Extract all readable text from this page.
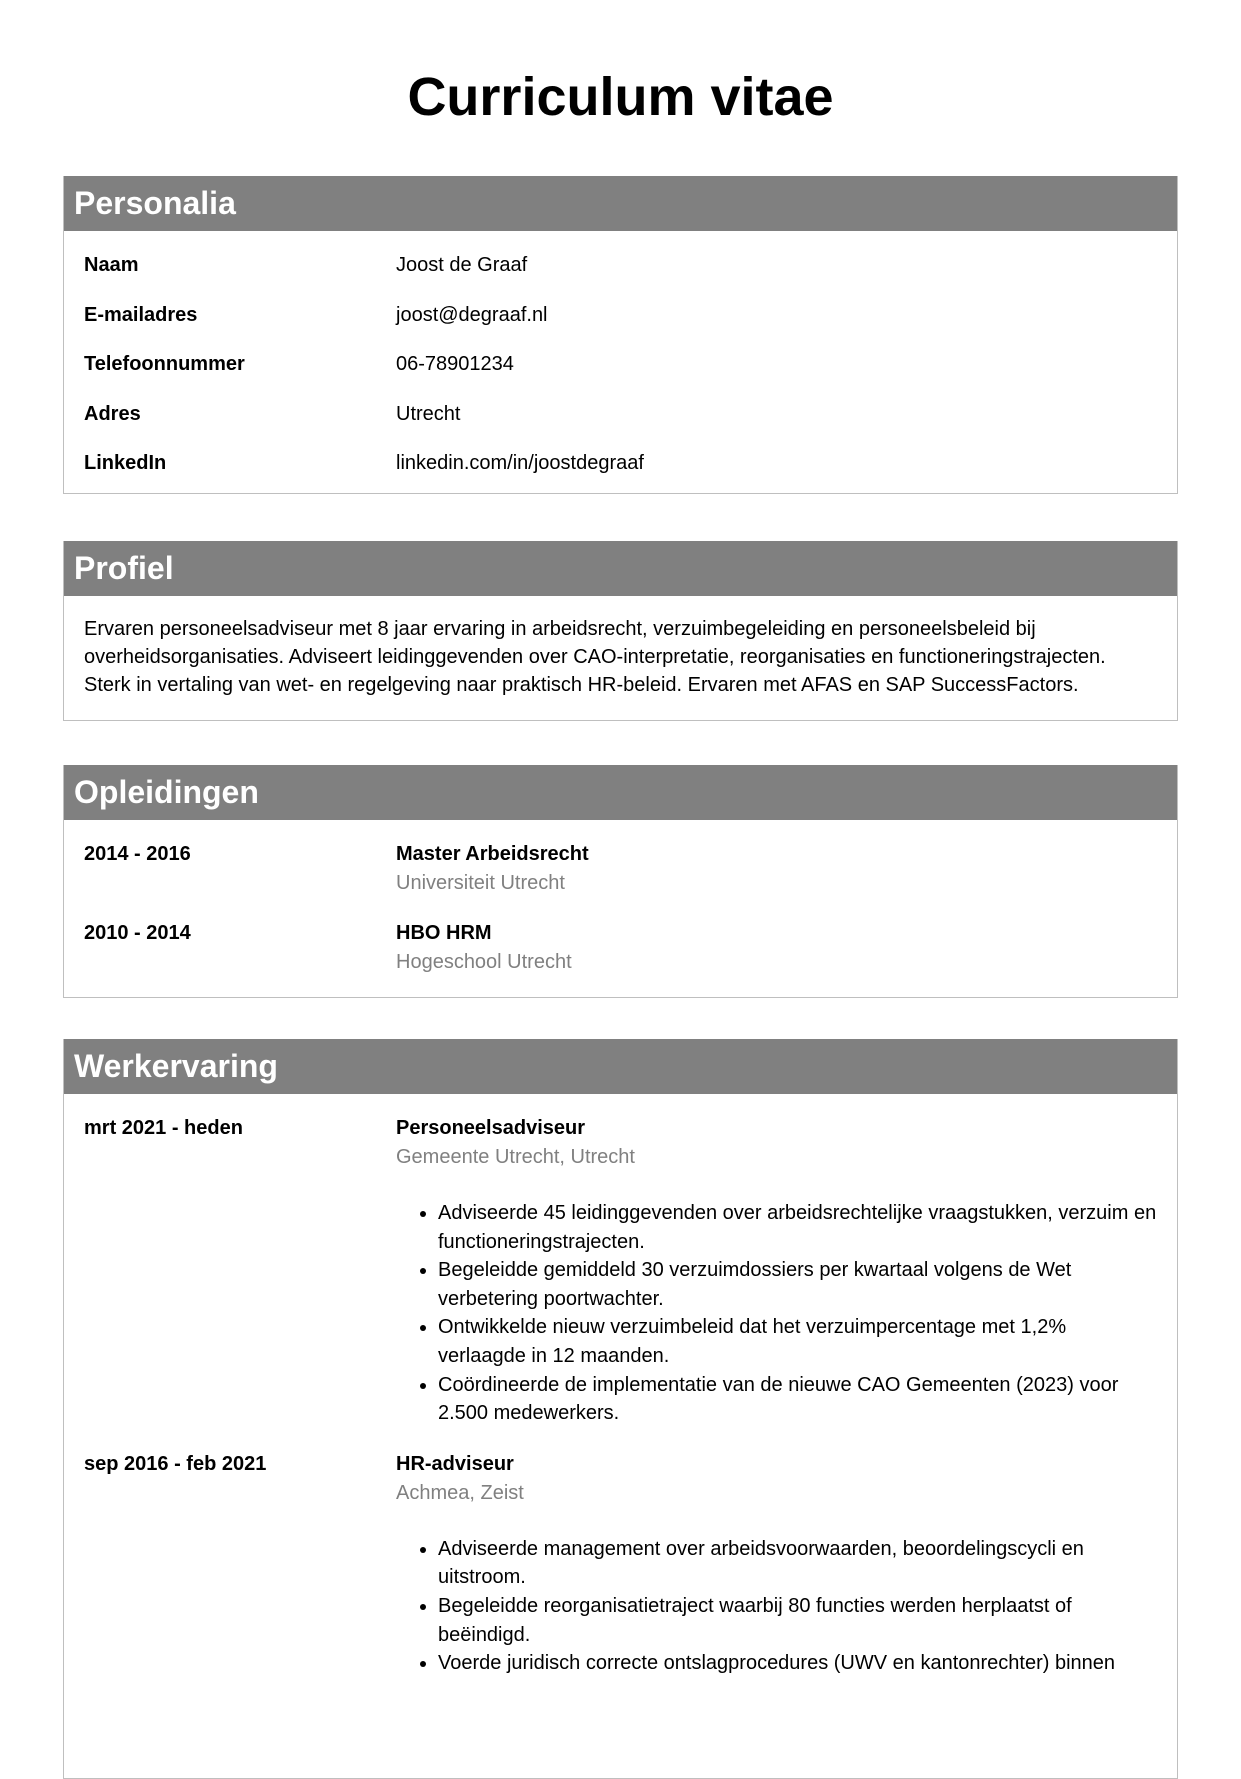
Curriculum vitae
Personalia
Naam	Joost de Graaf
E-mailadres	joost@degraaf.nl
Telefoonnummer	06-78901234
Adres	Utrecht
LinkedIn	linkedin.com/in/joostdegraaf
Profiel

Ervaren personeelsadviseur met 8 jaar ervaring in arbeidsrecht, verzuimbegeleiding en personeelsbeleid bij overheidsorganisaties. Adviseert leidinggevenden over CAO-interpretatie, reorganisaties en functioneringstrajecten. Sterk in vertaling van wet- en regelgeving naar praktisch HR-beleid. Ervaren met AFAS en SAP SuccessFactors.

Opleidingen
2014 - 2016	Master Arbeidsrecht
Universiteit Utrecht
2010 - 2014	HBO HRM
Hogeschool Utrecht
Werkervaring
mrt 2021 - heden	Personeelsadviseur
Gemeente Utrecht, Utrecht
• Adviseerde 45 leidinggevenden over arbeidsrechtelijke vraagstukken, verzuim en functioneringstrajecten.
• Begeleidde gemiddeld 30 verzuimdossiers per kwartaal volgens de Wet verbetering poortwachter.
• Ontwikkelde nieuw verzuimbeleid dat het verzuimpercentage met 1,2% verlaagde in 12 maanden.
• Coördineerde de implementatie van de nieuwe CAO Gemeenten (2023) voor 2.500 medewerkers.
sep 2016 - feb 2021	HR-adviseur
Achmea, Zeist
• Adviseerde management over arbeidsvoorwaarden, beoordelingscycli en uitstroom.
• Begeleidde reorganisatietraject waarbij 80 functies werden herplaatst of beëindigd.
• Voerde juridisch correcte ontslagprocedures (UWV en kantonrechter) binnen
